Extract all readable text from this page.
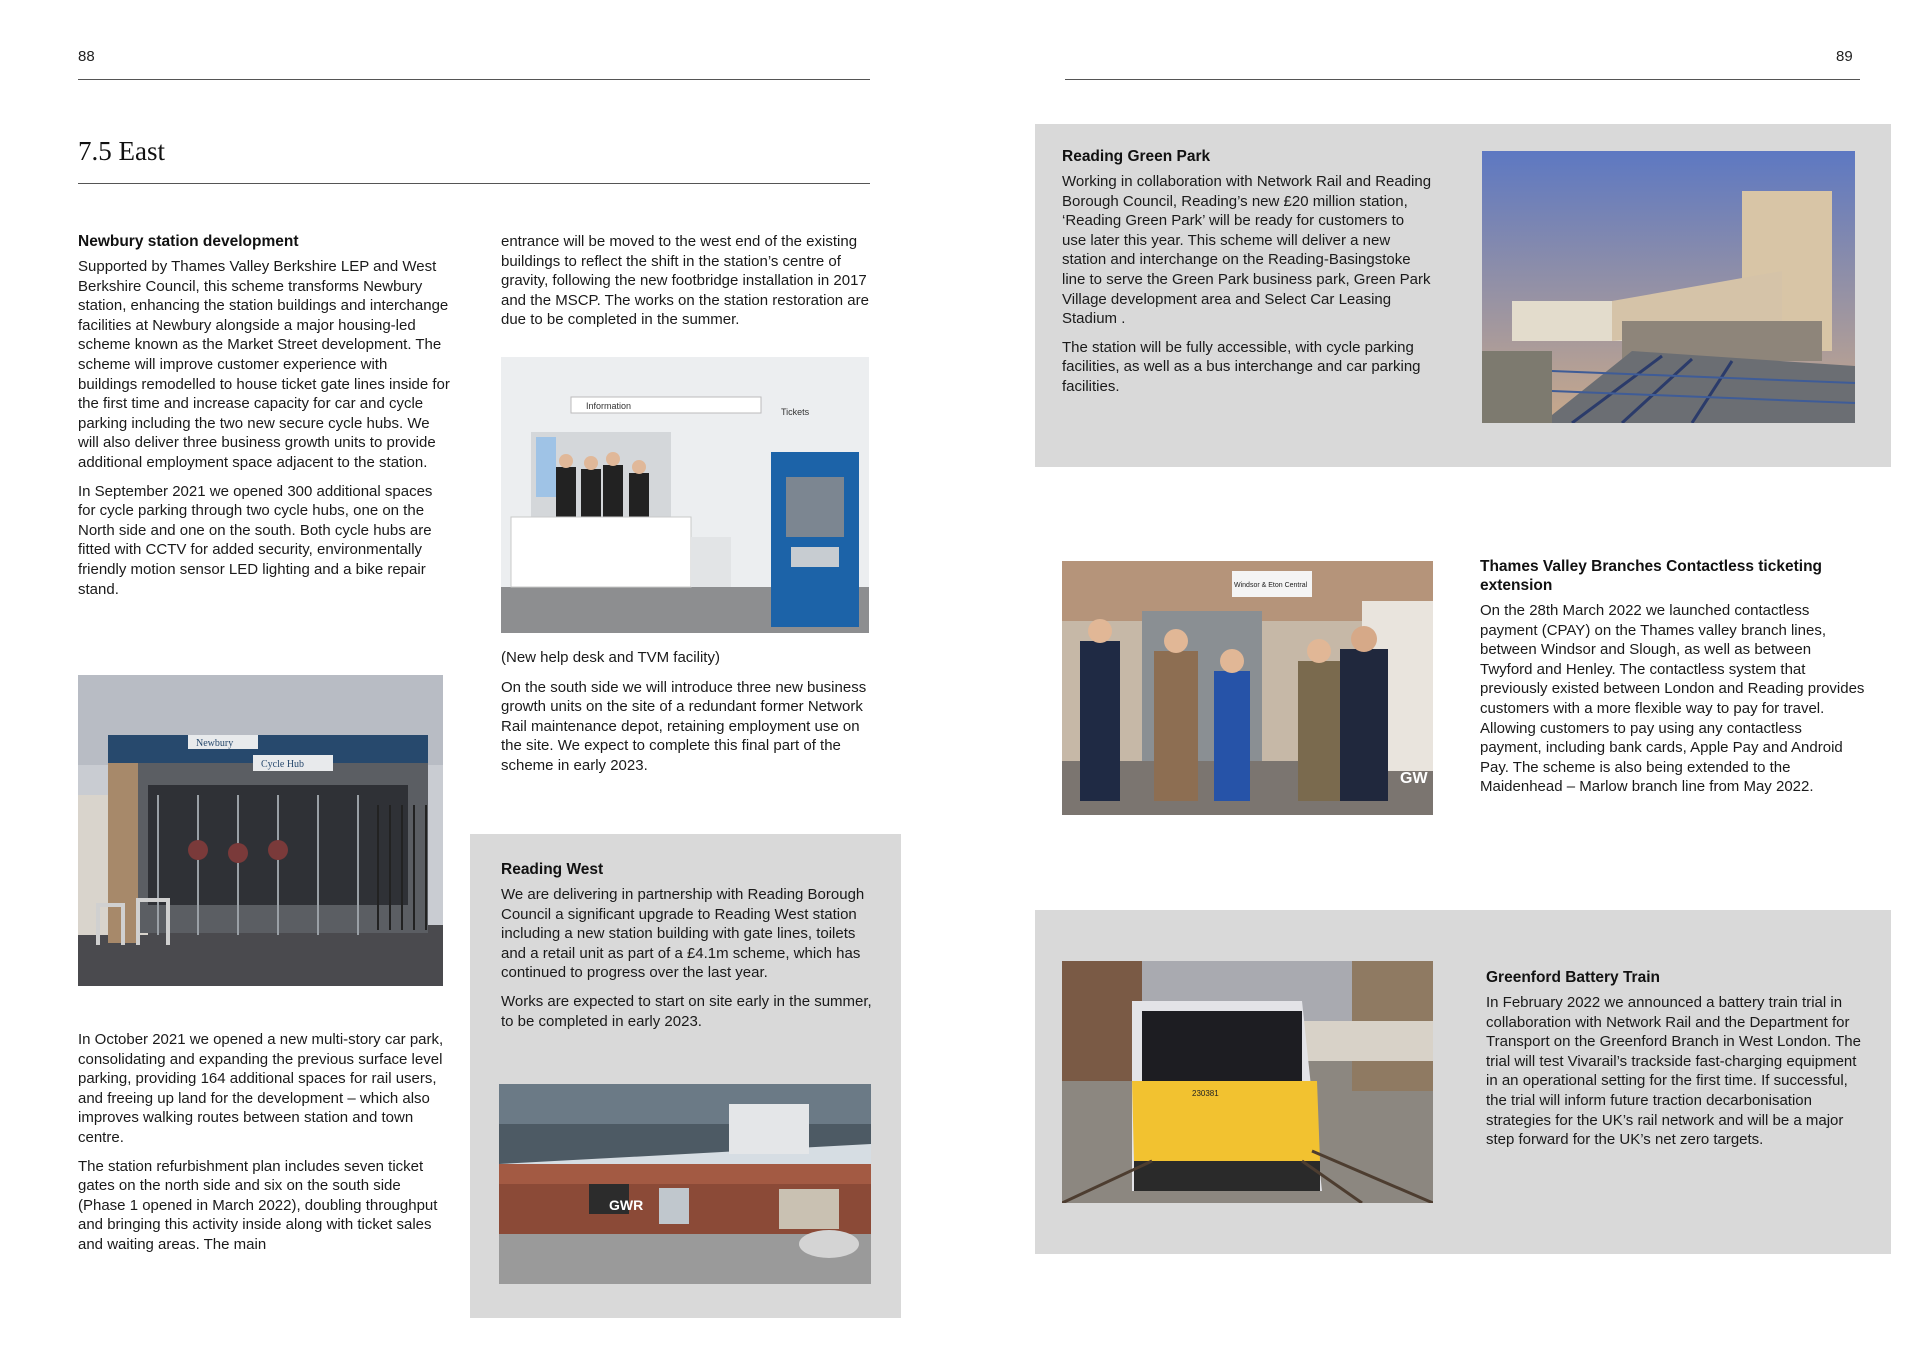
88
7.5 East
Newbury station development

Supported by Thames Valley Berkshire LEP and West Berkshire Council, this scheme transforms Newbury station, enhancing the station buildings and interchange facilities at Newbury alongside a major housing-led scheme known as the Market Street development. The scheme will improve customer experience with buildings remodelled to house ticket gate lines inside for the first time and increase capacity for car and cycle parking including the two new secure cycle hubs. We will also deliver three business growth units to provide additional employment space adjacent to the station.

In September 2021 we opened 300 additional spaces for cycle parking through two cycle hubs, one on the North side and one on the south. Both cycle hubs are fitted with CCTV for added security, environmentally friendly motion sensor LED lighting and a bike repair stand.

Newbury
Cycle Hub

In October 2021 we opened a new multi-story car park, consolidating and expanding the previous surface level parking, providing 164 additional spaces for rail users, and freeing up land for the development – which also improves walking routes between station and town centre.

The station refurbishment plan includes seven ticket gates on the north side and six on the south side (Phase 1 opened in March 2022), doubling throughput and bringing this activity inside along with ticket sales and waiting areas. The main

entrance will be moved to the west end of the existing buildings to reflect the shift in the station’s centre of gravity, following the new footbridge installation in 2017 and the MSCP. The works on the station restoration are due to be completed in the summer.

Information
Tickets

(New help desk and TVM facility)

On the south side we will introduce three new business growth units on the site of a redundant former Network Rail maintenance depot, retaining employment use on the site. We expect to complete this final part of the scheme in early 2023.

Reading West

We are delivering in partnership with Reading Borough Council a significant upgrade to Reading West station including a new station building with gate lines, toilets and a retail unit as part of a £4.1m scheme, which has continued to progress over the last year.

Works are expected to start on site early in the summer, to be completed in early 2023.

GWR
89
Reading Green Park

Working in collaboration with Network Rail and Reading Borough Council, Reading’s new £20 million station, ‘Reading Green Park’ will be ready for customers to use later this year. This scheme will deliver a new station and interchange on the Reading-Basingstoke line to serve the Green Park business park, Green Park Village development area and Select Car Leasing Stadium .

The station will be fully accessible, with cycle parking facilities, as well as a bus interchange and car parking facilities.

Windsor & Eton Central
GW
Thames Valley Branches Contactless ticketing extension

On the 28th March 2022 we launched contactless payment (CPAY) on the Thames valley branch lines, between Windsor and Slough, as well as between Twyford and Henley. The contactless system that previously existed between London and Reading provides customers with a more flexible way to pay for travel. Allowing customers to pay using any contactless payment, including bank cards, Apple Pay and Android Pay. The scheme is also being extended to the Maidenhead – Marlow branch line from May 2022.

230381
Greenford Battery Train

In February 2022 we announced a battery train trial in collaboration with Network Rail and the Department for Transport on the Greenford Branch in West London. The trial will test Vivarail’s trackside fast-charging equipment in an operational setting for the first time. If successful, the trial will inform future traction decarbonisation strategies for the UK’s rail network and will be a major step forward for the UK’s net zero targets.
